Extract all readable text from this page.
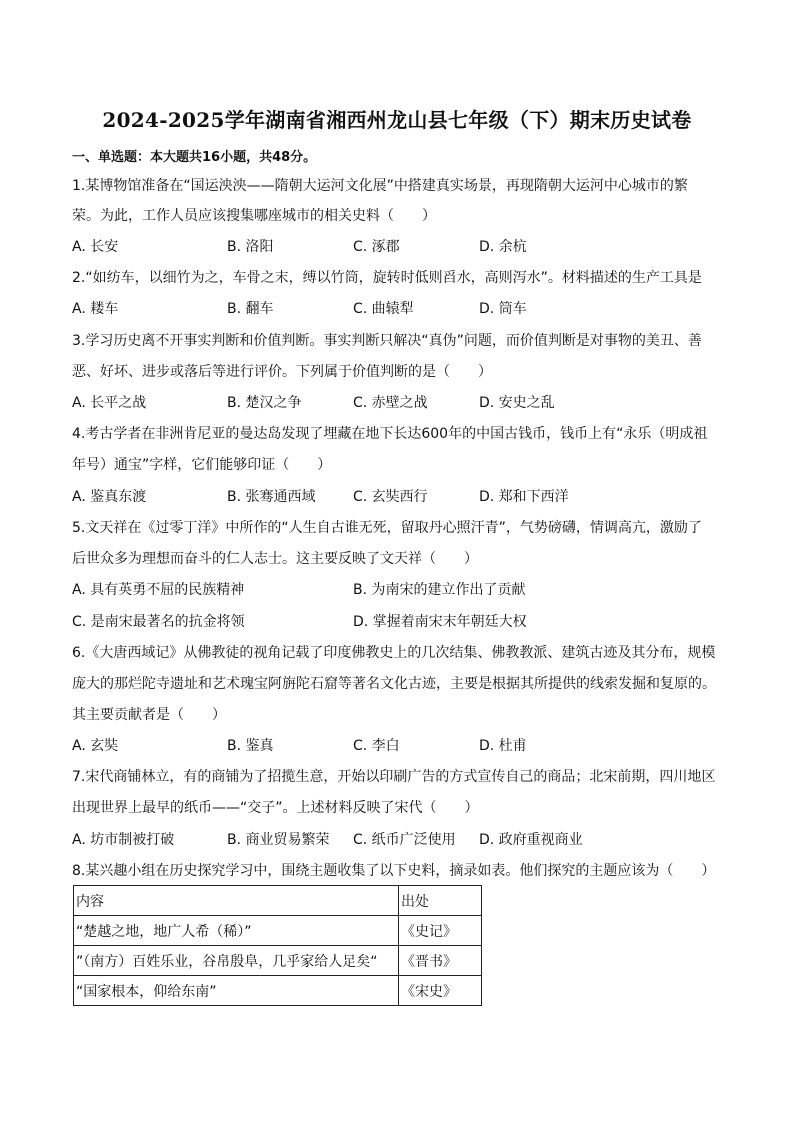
2024-2025学年湖南省湘西州龙山县七年级（下）期末历史试卷
一、单选题：本大题共16小题，共48分。
1.某博物馆准备在“国运泱泱——隋朝大运河文化展”中搭建真实场景，再现隋朝大运河中心城市的繁
荣。为此，工作人员应该搜集哪座城市的相关史料（　　）
A. 长安	B. 洛阳	C. 涿郡	D. 余杭
2.“如纺车，以细竹为之，车骨之末，缚以竹筒，旋转时低则舀水，高则泻水”。材料描述的生产工具是
A. 耧车	B. 翻车	C. 曲辕犁	D. 筒车
3.学习历史离不开事实判断和价值判断。事实判断只解决“真伪”问题，而价值判断是对事物的美丑、善
恶、好坏、进步或落后等进行评价。下列属于价值判断的是（　　）
A. 长平之战	B. 楚汉之争	C. 赤壁之战	D. 安史之乱
4.考古学者在非洲肯尼亚的曼达岛发现了埋藏在地下长达600年的中国古钱币，钱币上有“永乐（明成祖
年号）通宝”字样，它们能够印证（　　）
A. 鉴真东渡	B. 张骞通西域	C. 玄奘西行	D. 郑和下西洋
5.文天祥在《过零丁洋》中所作的“人生自古谁无死，留取丹心照汗青”，气势磅礴，情调高亢，激励了
后世众多为理想而奋斗的仁人志士。这主要反映了文天祥（　　）
A. 具有英勇不屈的民族精神	B. 为南宋的建立作出了贡献
C. 是南宋最著名的抗金将领	D. 掌握着南宋末年朝廷大权
6.《大唐西域记》从佛教徒的视角记载了印度佛教史上的几次结集、佛教教派、建筑古迹及其分布，规模
庞大的那烂陀寺遗址和艺术瑰宝阿旃陀石窟等著名文化古迹，主要是根据其所提供的线索发掘和复原的。
其主要贡献者是（　　）
A. 玄奘	B. 鉴真	C. 李白	D. 杜甫
7.宋代商铺林立，有的商铺为了招揽生意，开始以印刷广告的方式宣传自己的商品；北宋前期，四川地区
出现世界上最早的纸币——“交子”。上述材料反映了宋代（　　）
A. 坊市制被打破	B. 商业贸易繁荣 C. 纸币广泛使用 D. 政府重视商业
8.某兴趣小组在历史探究学习中，围绕主题收集了以下史料，摘录如表。他们探究的主题应该为（　　）
内容	出处
“楚越之地，地广人希（稀）”	《史记》
”（南方）百姓乐业，谷帛殷阜，几乎家给人足矣“	《晋书》
“国家根本，仰给东南”	《宋史》
